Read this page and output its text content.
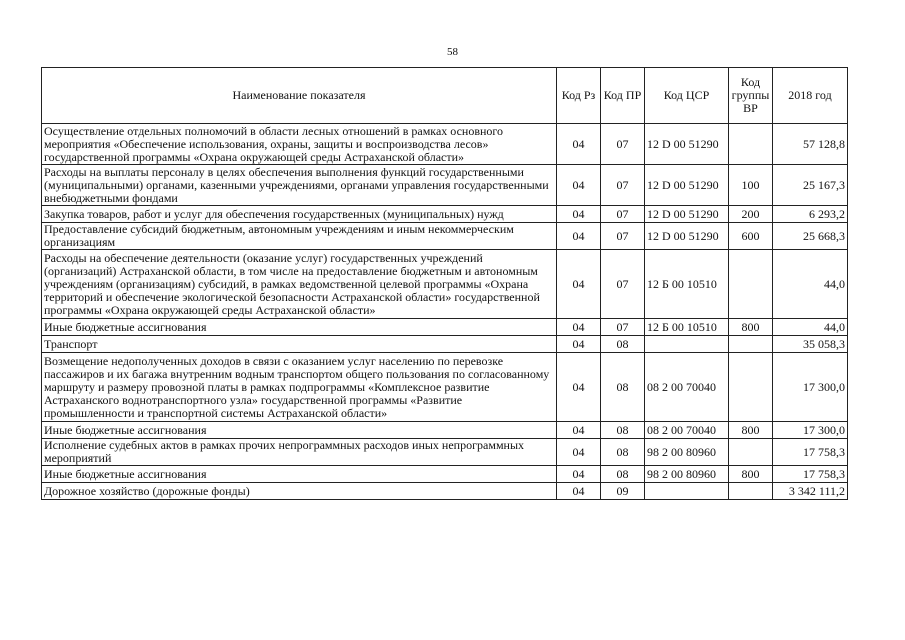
58
Наименование показателя	Код Рз	Код ПР	Код ЦСР	Код группы ВР	2018 год
Осуществление отдельных полномочий в области лесных отношений в рамках основного мероприятия «Обеспечение использования, охраны, защиты и воспроизводства лесов» государственной программы «Охрана окружающей среды Астраханской области»	04	07	12 D 00 51290		57 128,8
Расходы на выплаты персоналу в целях обеспечения выполнения функций государственными (муниципальными) органами, казенными учреждениями, органами управления государственными внебюджетными фондами	04	07	12 D 00 51290	100	25 167,3
Закупка товаров, работ и услуг для обеспечения государственных (муниципальных) нужд	04	07	12 D 00 51290	200	6 293,2
Предоставление субсидий бюджетным, автономным учреждениям и иным некоммерческим организациям	04	07	12 D 00 51290	600	25 668,3
Расходы на обеспечение деятельности (оказание услуг) государственных учреждений (организаций) Астраханской области, в том числе на предоставление бюджетным и автономным учреждениям (организациям) субсидий, в рамках ведомственной целевой программы «Охрана территорий и обеспечение экологической безопасности Астраханской области» государственной программы «Охрана окружающей среды Астраханской области»	04	07	12 Б 00 10510		44,0
Иные бюджетные ассигнования	04	07	12 Б 00 10510	800	44,0
Транспорт	04	08			35 058,3
Возмещение недополученных доходов в связи с оказанием услуг населению по перевозке пассажиров и их багажа внутренним водным транспортом общего пользования по согласованному маршруту и размеру провозной платы в рамках подпрограммы «Комплексное развитие Астраханского воднотранспортного узла» государственной программы «Развитие промышленности и транспортной системы Астраханской области»	04	08	08 2 00 70040		17 300,0
Иные бюджетные ассигнования	04	08	08 2 00 70040	800	17 300,0
Исполнение судебных актов в рамках прочих непрограммных расходов иных непрограммных мероприятий	04	08	98 2 00 80960		17 758,3
Иные бюджетные ассигнования	04	08	98 2 00 80960	800	17 758,3
Дорожное хозяйство (дорожные фонды)	04	09			3 342 111,2
